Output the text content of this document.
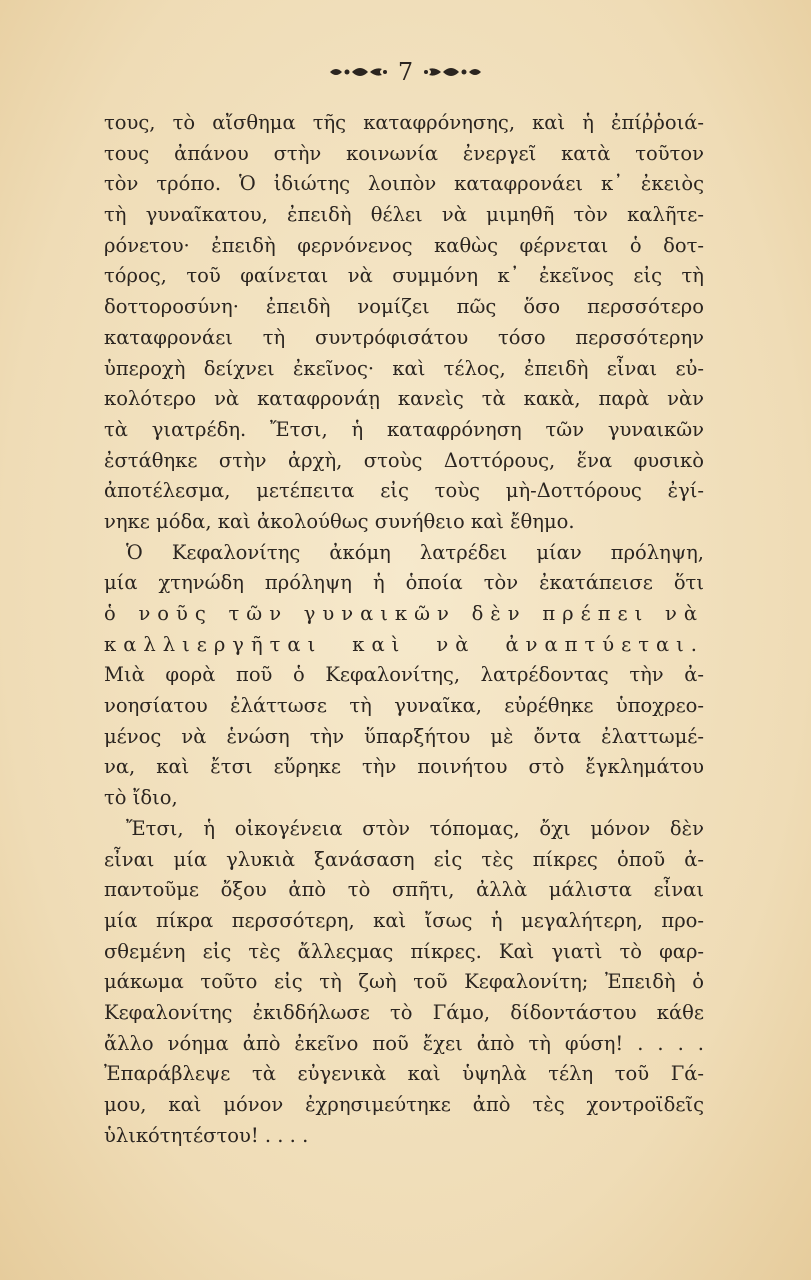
7
τους, τὸ αἴσθημα τῆς καταφρόνησης, καὶ ἡ ἐπίῤῥοιά-
τους ἀπάνου στὴν κοινωνία ἐνεργεῖ κατὰ τοῦτον
τὸν τρόπο. Ὁ ἰδιώτης λοιπὸν καταφρονάει κ᾽ ἐκειὸς
τὴ γυναῖκατου, ἐπειδὴ θέλει νὰ μιμηθῆ τὸν καλῆτε-
ρόνετου· ἐπειδὴ φερνόνενος καθὼς φέρνεται ὁ δοτ-
τόρος, τοῦ φαίνεται νὰ συμμόνη κ᾽ ἐκεῖνος εἰς τὴ
δοττοροσύνη· ἐπειδὴ νομίζει πῶς ὅσο περσσότερο
καταφρονάει τὴ συντρόφισάτου τόσο περσσότερην
ὑπεροχὴ δείχνει ἐκεῖνος· καὶ τέλος, ἐπειδὴ εἶναι εὐ-
κολότερο νὰ καταφρονάῃ κανεὶς τὰ κακὰ, παρὰ νὰν
τὰ γιατρέδη. Ἔτσι, ἡ καταφρόνηση τῶν γυναικῶν
ἐστάθηκε στὴν ἀρχὴ, στοὺς Δοττόρους, ἕνα φυσικὸ
ἀποτέλεσμα, μετέπειτα εἰς τοὺς μὴ-Δοττόρους ἐγί-
νηκε μόδα, καὶ ἀκολούθως συνήθειο καὶ ἔθημο.
Ὁ Κεφαλονίτης ἀκόμη λατρέδει μίαν πρόληψη,
μία χτηνώδη πρόληψη ἡ ὁποία τὸν ἐκατάπεισε ὅτι
ὁ νοῦς τῶν γυναικῶν δὲν πρέπει νὰ
καλλιεργῆται καὶ νὰ ἀναπτύεται.
Μιὰ φορὰ ποῦ ὁ Κεφαλονίτης, λατρέδοντας τὴν ἀ-
νοησίατου ἐλάττωσε τὴ γυναῖκα, εὐρέθηκε ὑποχρεο-
μένος νὰ ἑνώση τὴν ὕπαρξήτου μὲ ὄντα ἐλαττωμέ-
να, καὶ ἔτσι εὔρηκε τὴν ποινήτου στὸ ἔγκλημάτου
τὸ ἴδιο,
Ἔτσι, ἡ οἰκογένεια στὸν τόπομας, ὄχι μόνον δὲν
εἶναι μία γλυκιὰ ξανάσαση εἰς τὲς πίκρες ὁποῦ ἀ-
παντοῦμε ὄξου ἀπὸ τὸ σπῆτι, ἀλλὰ μάλιστα εἶναι
μία πίκρα περσσότερη, καὶ ἴσως ἡ μεγαλήτερη, προ-
σθεμένη εἰς τὲς ἄλλεςμας πίκρες. Καὶ γιατὶ τὸ φαρ-
μάκωμα τοῦτο εἰς τὴ ζωὴ τοῦ Κεφαλονίτη; Ἐπειδὴ ὁ
Κεφαλονίτης ἐκιδδήλωσε τὸ Γάμο, δίδοντάστου κάθε
ἄλλο νόημα ἀπὸ ἐκεῖνο ποῦ ἔχει ἀπὸ τὴ φύση! . . . .
Ἐπαράβλεψε τὰ εὐγενικὰ καὶ ὑψηλὰ τέλη τοῦ Γά-
μου, καὶ μόνον ἐχρησιμεύτηκε ἀπὸ τὲς χοντροϊδεῖς
ὑλικότητέστου! . . . .
